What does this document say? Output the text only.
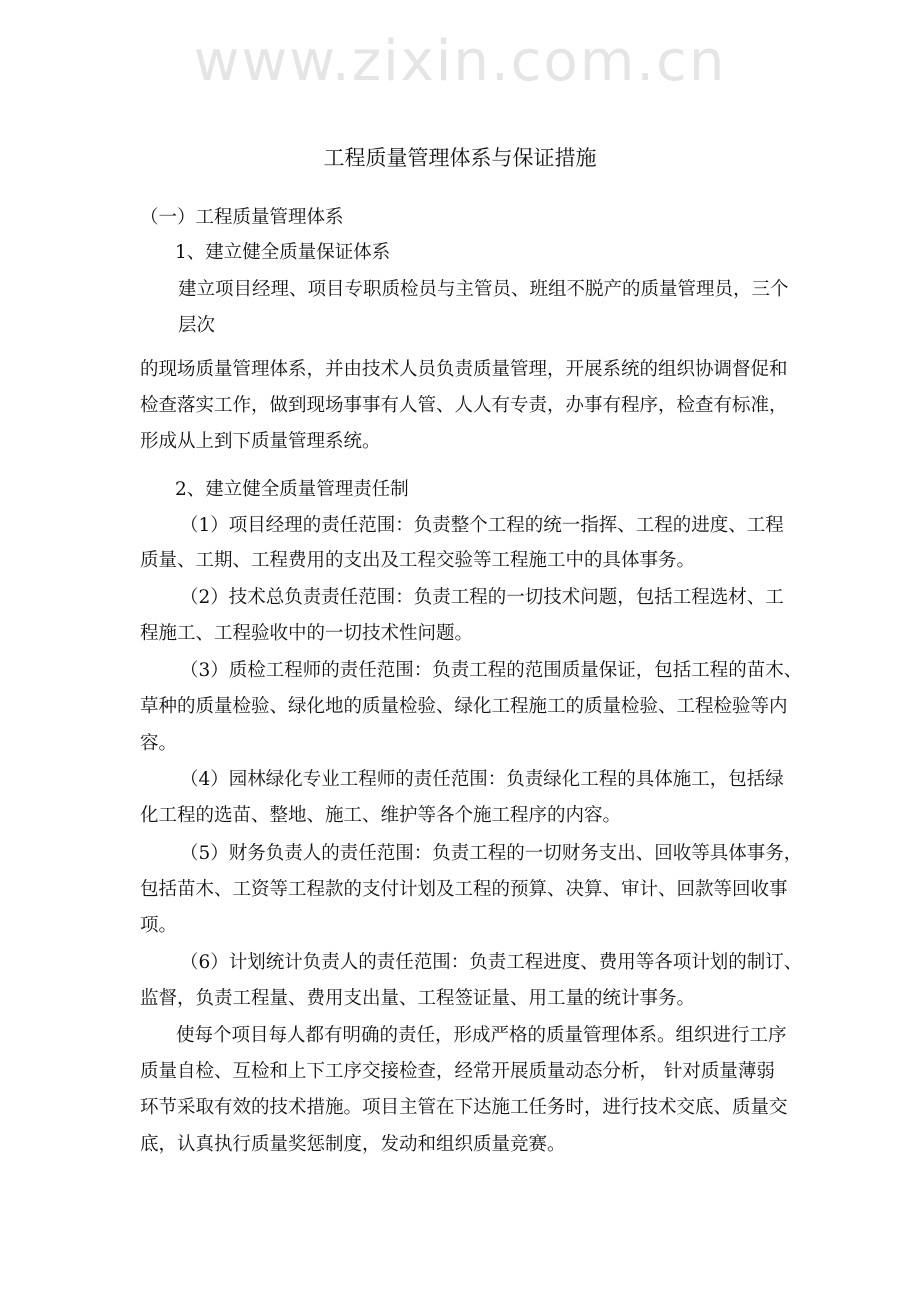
www.zixin.com.cn
工程质量管理体系与保证措施
（一）工程质量管理体系
1、建立健全质量保证体系
建立项目经理、项目专职质检员与主管员、班组不脱产的质量管理员，三个
层次
的现场质量管理体系，并由技术人员负责质量管理，开展系统的组织协调督促和
检查落实工作，做到现场事事有人管、人人有专责，办事有程序，检查有标准，
形成从上到下质量管理系统。
2、建立健全质量管理责任制
（1）项目经理的责任范围：负责整个工程的统一指挥、工程的进度、工程
质量、工期、工程费用的支出及工程交验等工程施工中的具体事务。
（2）技术总负责责任范围：负责工程的一切技术问题，包括工程选材、工
程施工、工程验收中的一切技术性问题。
（3）质检工程师的责任范围：负责工程的范围质量保证，包括工程的苗木、
草种的质量检验、绿化地的质量检验、绿化工程施工的质量检验、工程检验等内
容。
（4）园林绿化专业工程师的责任范围：负责绿化工程的具体施工，包括绿
化工程的选苗、整地、施工、维护等各个施工程序的内容。
（5）财务负责人的责任范围：负责工程的一切财务支出、回收等具体事务，
包括苗木、工资等工程款的支付计划及工程的预算、决算、审计、回款等回收事
项。
（6）计划统计负责人的责任范围：负责工程进度、费用等各项计划的制订、
监督，负责工程量、费用支出量、工程签证量、用工量的统计事务。
使每个项目每人都有明确的责任，形成严格的质量管理体系。组织进行工序
质量自检、互检和上下工序交接检查，经常开展质量动态分析， 针对质量薄弱
环节采取有效的技术措施。项目主管在下达施工任务时，进行技术交底、质量交
底，认真执行质量奖惩制度，发动和组织质量竞赛。
